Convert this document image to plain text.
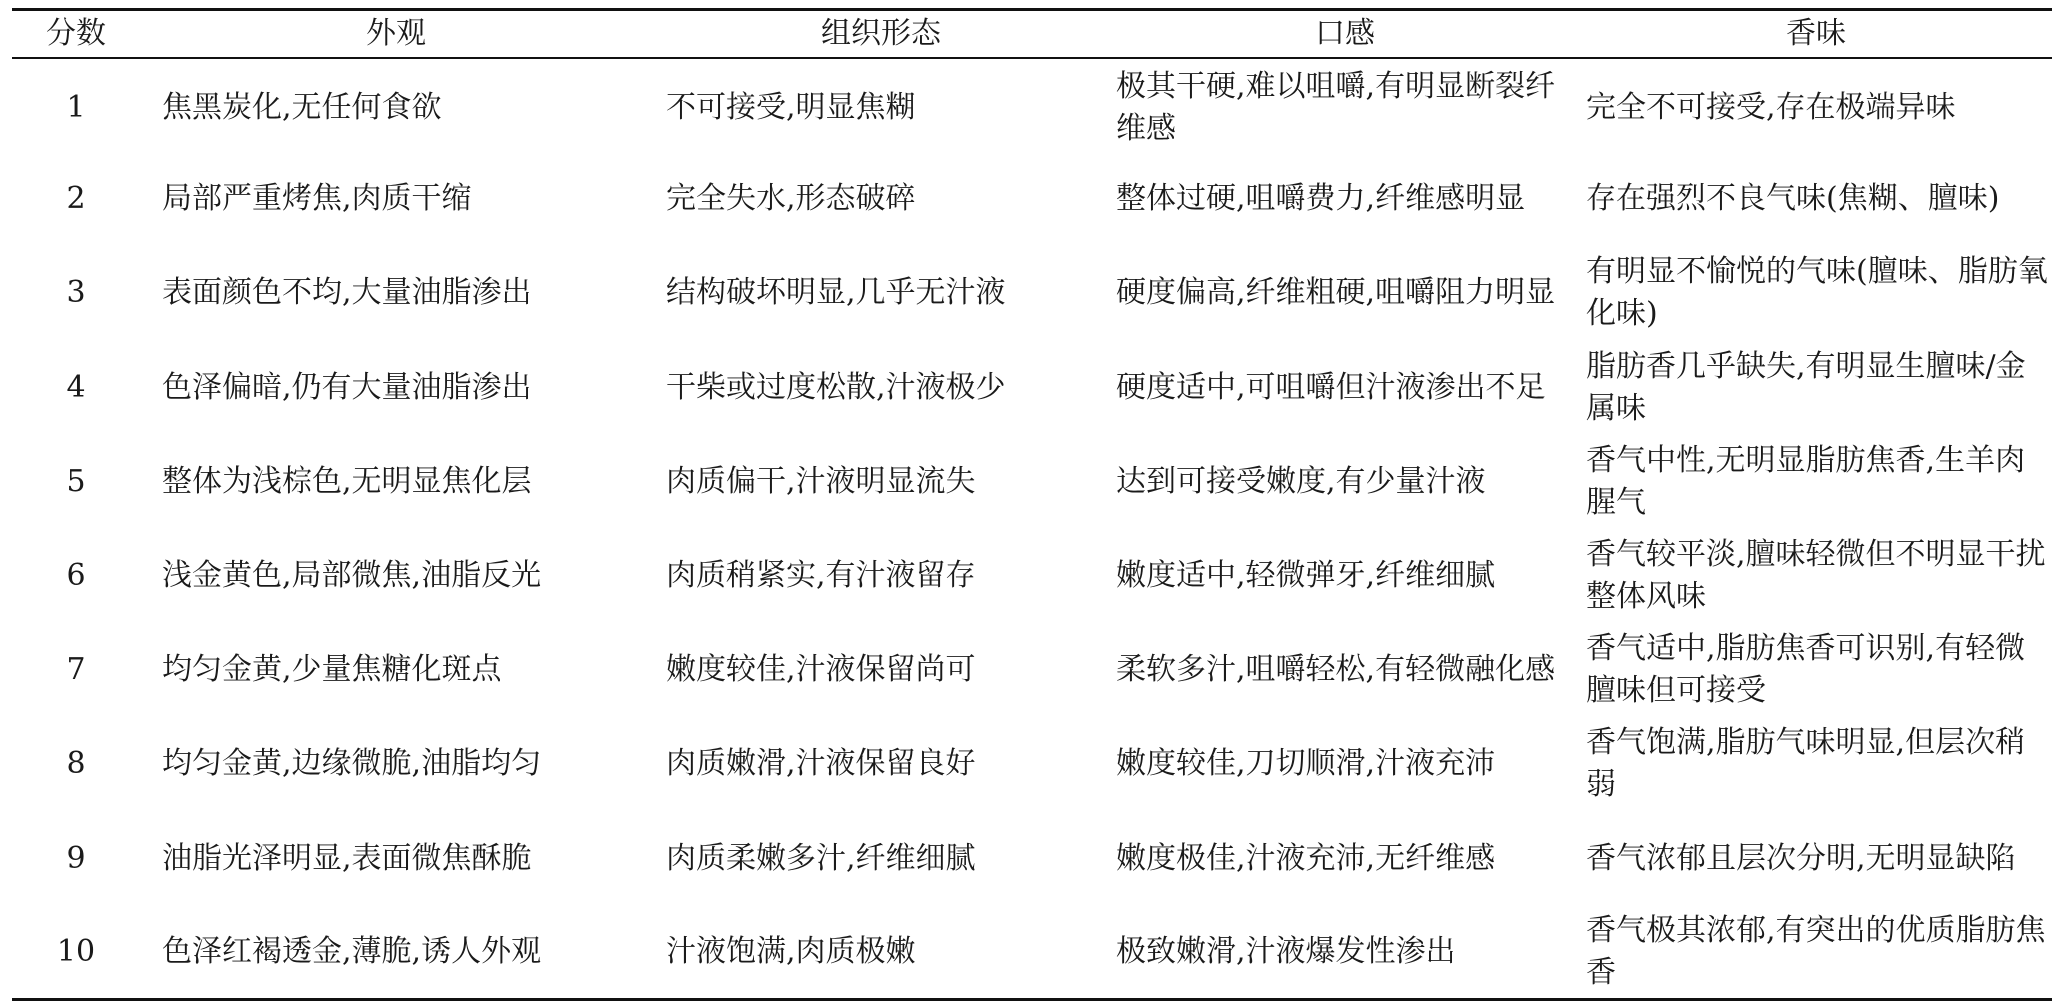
分数	外观	组织形态	口感	香味
1	焦黑炭化,无任何食欲	不可接受,明显焦糊	极其干硬,难以咀嚼,有明显断裂纤维感	完全不可接受,存在极端异味
2	局部严重烤焦,肉质干缩	完全失水,形态破碎	整体过硬,咀嚼费力,纤维感明显	存在强烈不良气味(焦糊、膻味)
3	表面颜色不均,大量油脂渗出	结构破坏明显,几乎无汁液	硬度偏高,纤维粗硬,咀嚼阻力明显	有明显不愉悦的气味(膻味、脂肪氧化味)
4	色泽偏暗,仍有大量油脂渗出	干柴或过度松散,汁液极少	硬度适中,可咀嚼但汁液渗出不足	脂肪香几乎缺失,有明显生膻味/金属味
5	整体为浅棕色,无明显焦化层	肉质偏干,汁液明显流失	达到可接受嫩度,有少量汁液	香气中性,无明显脂肪焦香,生羊肉腥气
6	浅金黄色,局部微焦,油脂反光	肉质稍紧实,有汁液留存	嫩度适中,轻微弹牙,纤维细腻	香气较平淡,膻味轻微但不明显干扰整体风味
7	均匀金黄,少量焦糖化斑点	嫩度较佳,汁液保留尚可	柔软多汁,咀嚼轻松,有轻微融化感	香气适中,脂肪焦香可识别,有轻微膻味但可接受
8	均匀金黄,边缘微脆,油脂均匀	肉质嫩滑,汁液保留良好	嫩度较佳,刀切顺滑,汁液充沛	香气饱满,脂肪气味明显,但层次稍弱
9	油脂光泽明显,表面微焦酥脆	肉质柔嫩多汁,纤维细腻	嫩度极佳,汁液充沛,无纤维感	香气浓郁且层次分明,无明显缺陷
10	色泽红褐透金,薄脆,诱人外观	汁液饱满,肉质极嫩	极致嫩滑,汁液爆发性渗出	香气极其浓郁,有突出的优质脂肪焦香
